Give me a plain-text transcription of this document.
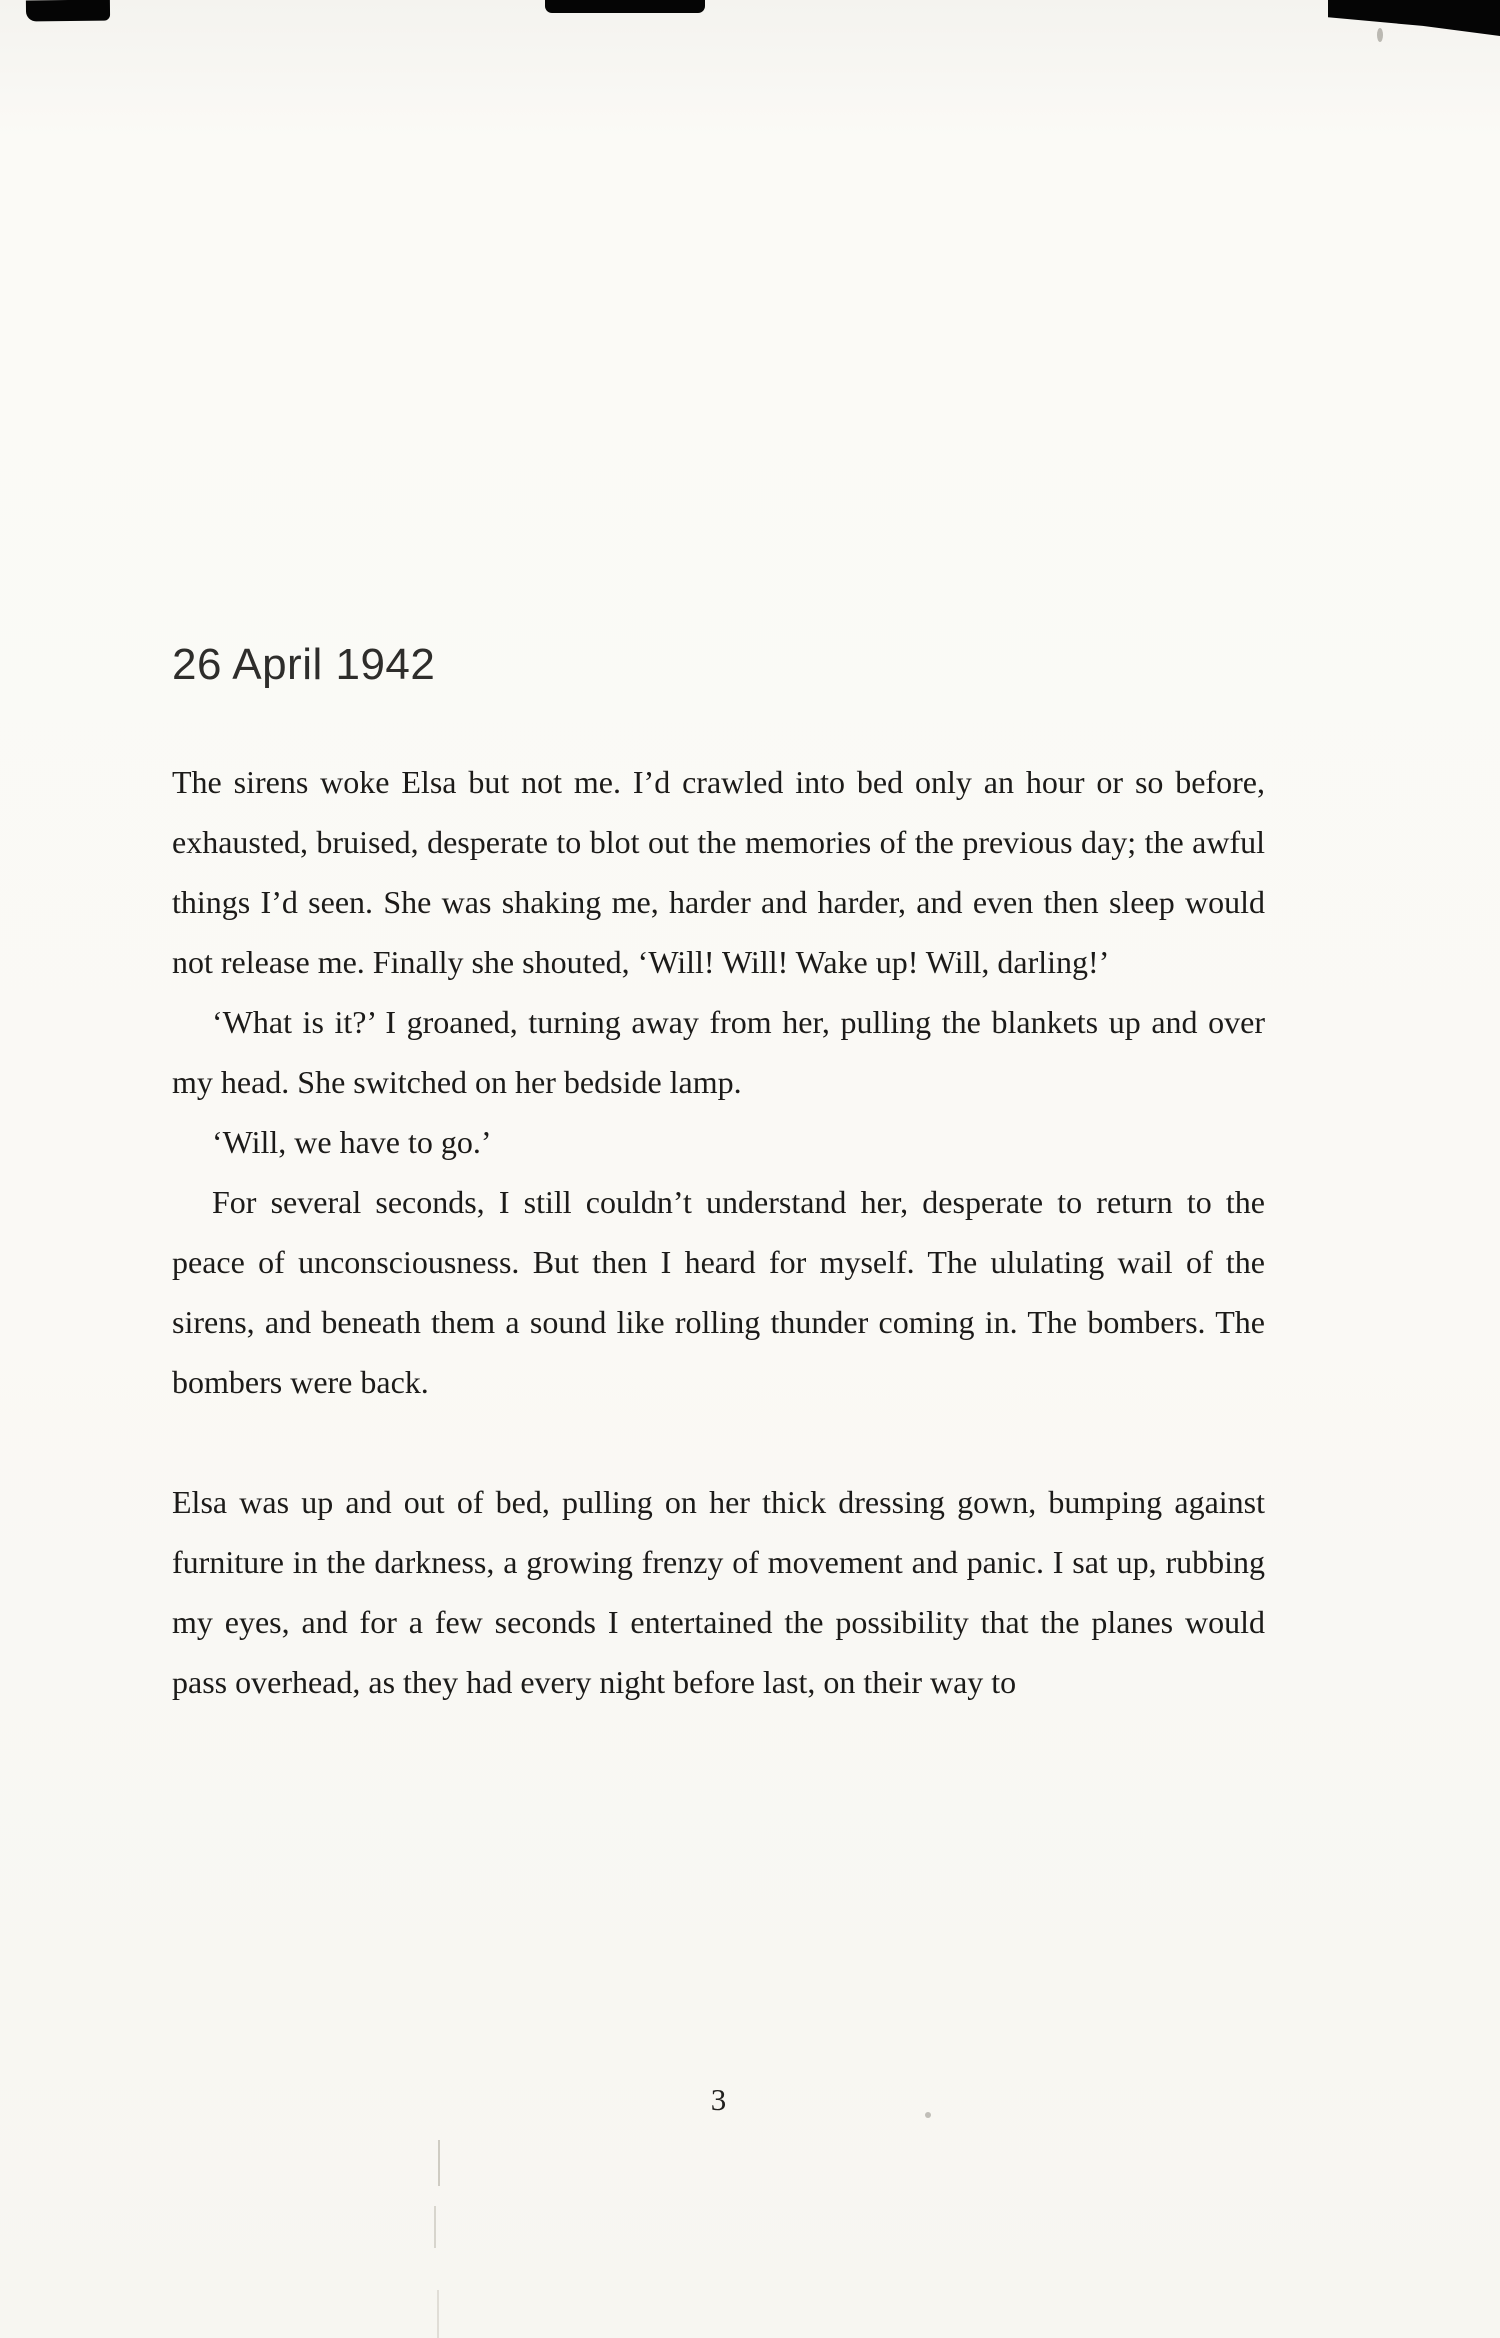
26 April 1942

The sirens woke Elsa but not me. I’d crawled into bed only an hour or so before, exhausted, bruised, desperate to blot out the memories of the previous day; the awful things I’d seen. She was shaking me, harder and harder, and even then sleep would not release me. Finally she shouted, ‘Will! Will! Wake up! Will, darling!’

‘What is it?’ I groaned, turning away from her, pulling the blankets up and over my head. She switched on her bedside lamp.

‘Will, we have to go.’

For several seconds, I still couldn’t understand her, desperate to return to the peace of unconsciousness. But then I heard for myself. The ululating wail of the sirens, and beneath them a sound like rolling thunder coming in. The bombers. The bombers were back.

Elsa was up and out of bed, pulling on her thick dressing gown, bumping against furniture in the darkness, a growing frenzy of movement and panic. I sat up, rubbing my eyes, and for a few seconds I entertained the possibility that the planes would pass overhead, as they had every night before last, on their way to

3
